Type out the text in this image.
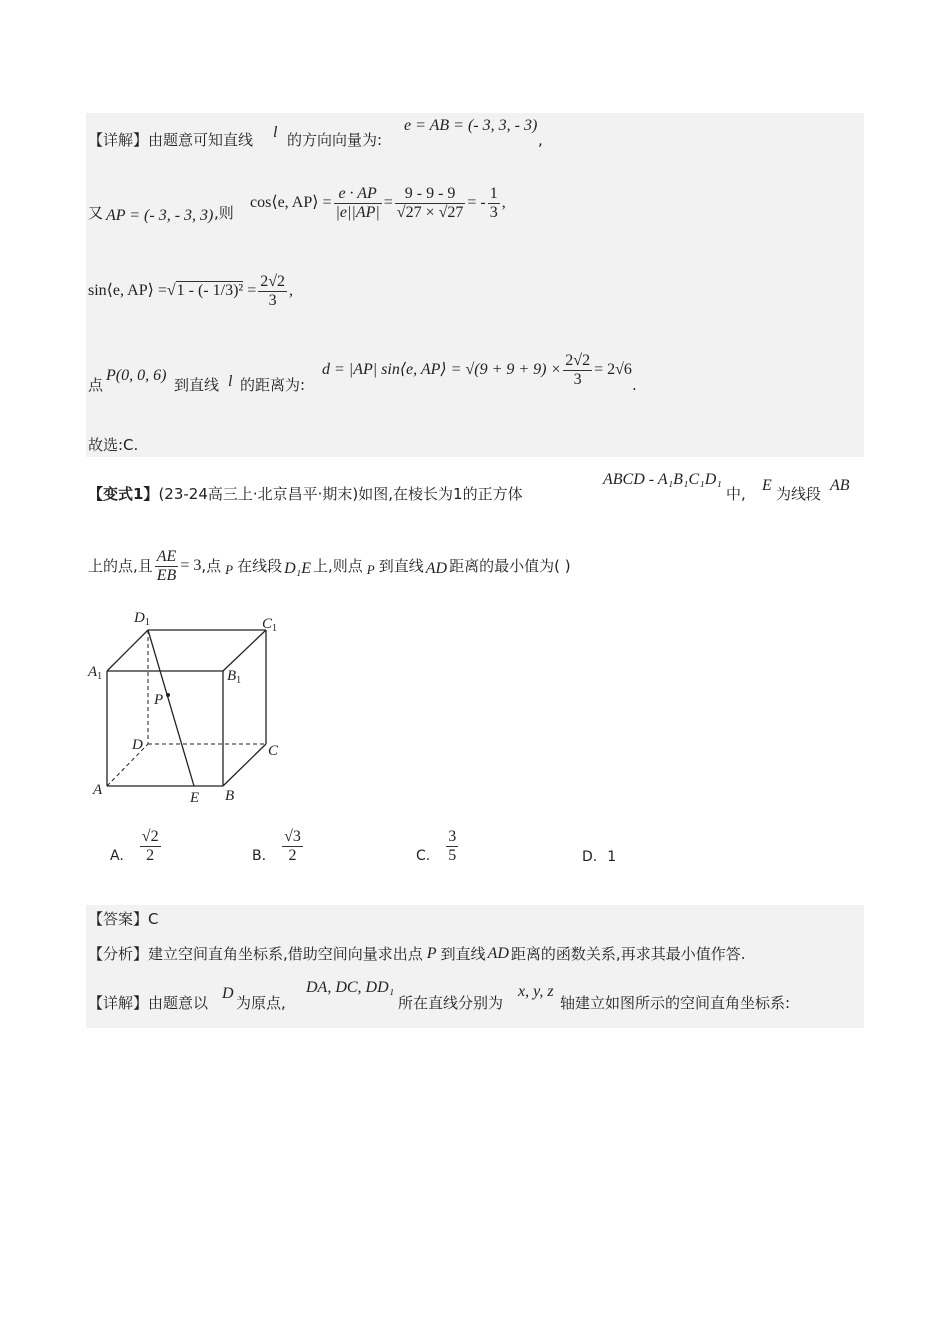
【详解】由题意可知直线 l 的方向向量为:
e = AB = (- 3, 3, - 3)
,
又 AP = (- 3, - 3, 3) ,则
cos⟨e, AP⟩ = $\frac{e \cdot AP}{|e||AP|} = \frac{9 - 9 - 9}{√27 \times √27}$ = - $\frac{1}{3}$ ,
sin⟨e, AP⟩ =
√ 1 - (- $1/3)^2 = \frac{2√2}{3}$ ,
点
P(0, 0, 6)
到直线 l 的距离为:
d = |AP| sin⟨e, AP⟩ = $√(9 + 9 + 9) \times \frac{2√2}{3} = 2√6$
.
故选:C.
【变式1】(23-24高三上·北京昌平·期末)如图,在棱长为1的正方体
ABCD - A₁B₁C₁D₁
中, E 为线段 AB
上的点,且 $\frac{AE}{EB} = 3$ ,点 P 在线段 D₁E 上,则点 P 到直线 AD 距离的最小值为( )
$D_1$	$C_1$
$A_1$	$B_1$
P
D	C
A	E B
A. $\frac{√2}{2}$	B. $\frac{√3}{2}$	C. $\frac{3}{5}$	D. 1
【答案】C
【分析】 建立空间直角坐标系,借助空间向量求出点 P 到直线 AD 距离的函数关系,再求其最小值作答.
【详解】由题意以
D
为原点,
DA, DC, DD₁
所在直线分别为
x, y, z
轴建立如图所示的空间直角坐标系:
